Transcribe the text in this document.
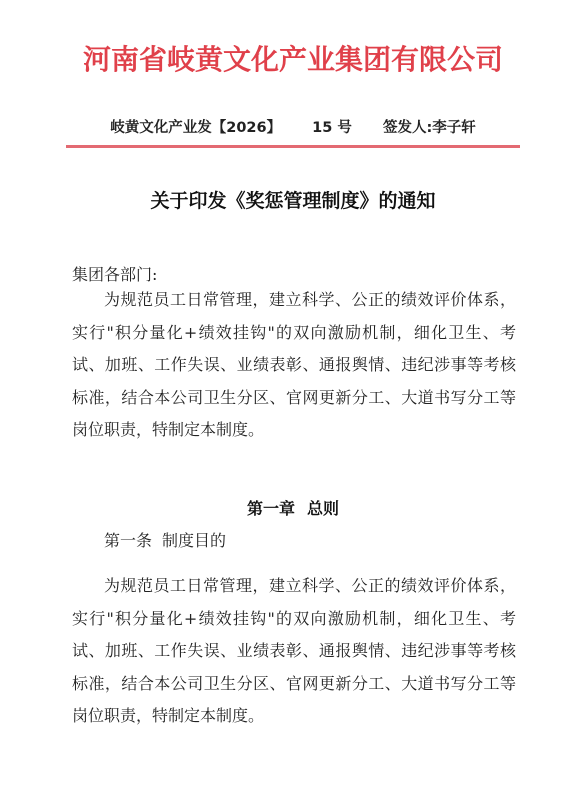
河南省岐黄文化产业集团有限公司
岐黄文化产业发【2026】 15 号 签发人:李子轩
关于印发《奖惩管理制度》的通知
集团各部门:

为规范员工日常管理，建立科学、公正的绩效评价体系，实行"积分量化+绩效挂钩"的双向激励机制，细化卫生、考试、加班、工作失误、业绩表彰、通报舆情、违纪涉事等考核标准，结合本公司卫生分区、官网更新分工、大道书写分工等岗位职责，特制定本制度。

第一章 总则
第一条 制度目的

为规范员工日常管理，建立科学、公正的绩效评价体系，实行"积分量化+绩效挂钩"的双向激励机制，细化卫生、考试、加班、工作失误、业绩表彰、通报舆情、违纪涉事等考核标准，结合本公司卫生分区、官网更新分工、大道书写分工等岗位职责，特制定本制度。
